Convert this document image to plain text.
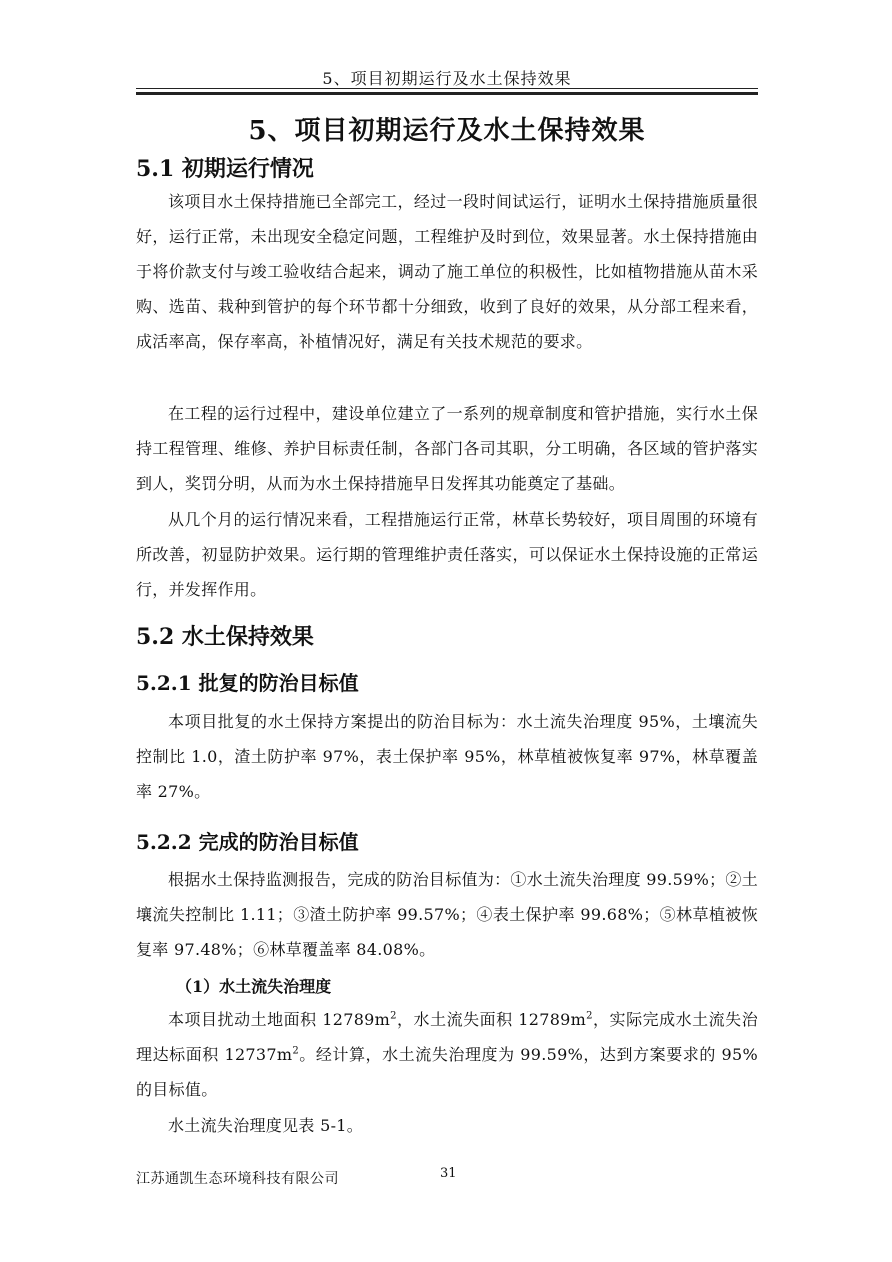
5、项目初期运行及水土保持效果
5、项目初期运行及水土保持效果
5.1 初期运行情况
该项目水土保持措施已全部完工，经过一段时间试运行，证明水土保持措施质量很好，运行正常，未出现安全稳定问题，工程维护及时到位，效果显著。水土保持措施由于将价款支付与竣工验收结合起来，调动了施工单位的积极性，比如植物措施从苗木采购、选苗、栽种到管护的每个环节都十分细致，收到了良好的效果，从分部工程来看，成活率高，保存率高，补植情况好，满足有关技术规范的要求。
在工程的运行过程中，建设单位建立了一系列的规章制度和管护措施，实行水土保持工程管理、维修、养护目标责任制，各部门各司其职，分工明确，各区域的管护落实到人，奖罚分明，从而为水土保持措施早日发挥其功能奠定了基础。
从几个月的运行情况来看，工程措施运行正常，林草长势较好，项目周围的环境有所改善，初显防护效果。运行期的管理维护责任落实，可以保证水土保持设施的正常运行，并发挥作用。
5.2 水土保持效果
5.2.1 批复的防治目标值
本项目批复的水土保持方案提出的防治目标为：水土流失治理度 95%，土壤流失控制比 1.0，渣土防护率 97%，表土保护率 95%，林草植被恢复率 97%，林草覆盖率 27%。
5.2.2 完成的防治目标值
根据水土保持监测报告，完成的防治目标值为：①水土流失治理度 99.59%；②土壤流失控制比 1.11；③渣土防护率 99.57%；④表土保护率 99.68%；⑤林草植被恢复率 97.48%；⑥林草覆盖率 84.08%。
（1）水土流失治理度
本项目扰动土地面积 $12789m^2$，水土流失面积 $12789m^2$，实际完成水土流失治理达标面积 $12737m^2$。经计算，水土流失治理度为 99.59%，达到方案要求的 95%的目标值。
水土流失治理度见表 5-1。
江苏通凯生态环境科技有限公司	31
